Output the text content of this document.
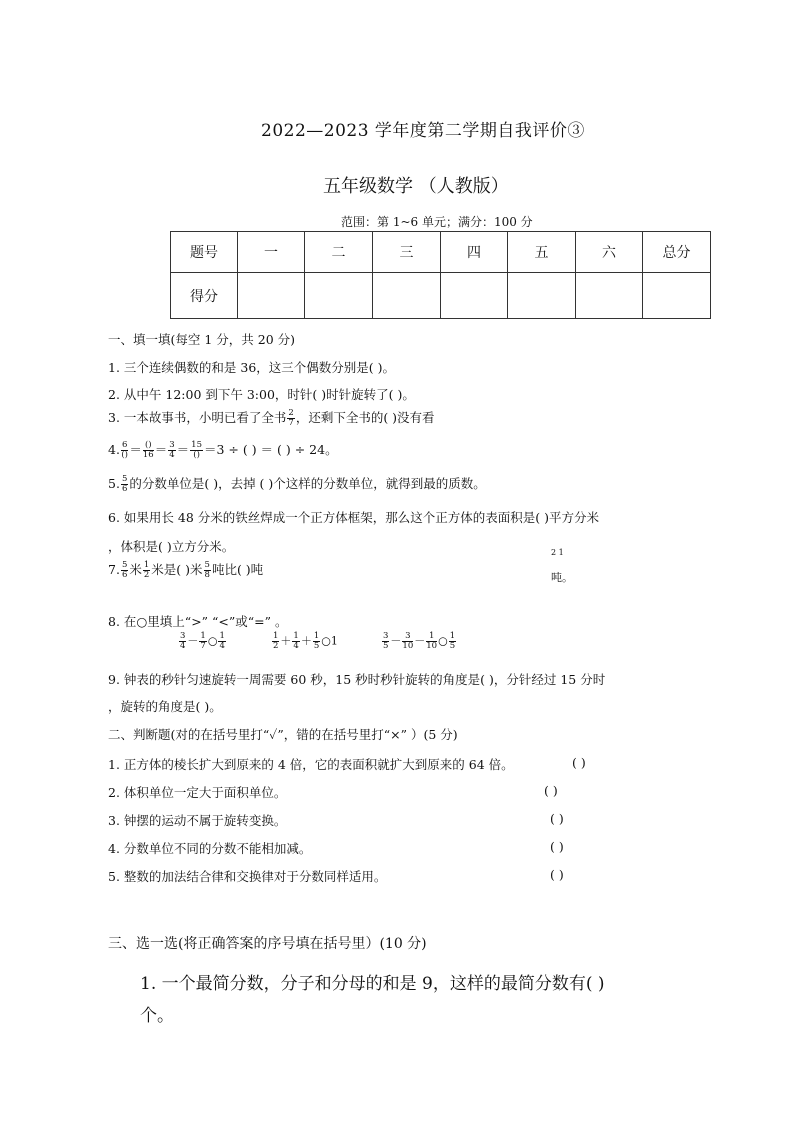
2022—2023 学年度第二学期自我评价③
五年级数学 （人教版）
范围：第 1~6 单元；满分：100 分
题号	一	二	三	四	五	六	总分
得分							
一、填一填(每空 1 分，共 20 分)
1. 三个连续偶数的和是 36，这三个偶数分别是( )。
2. 从中午 12:00 到下午 3:00，时针( )时针旋转了( )。
3. 一本故事书，小明已看了全书 $\frac{2}{7}$ ，还剩下全书的( )没有看
4. 6
() ＝ ()
$16 = \frac{3}{4} = 15$
() ＝3 ÷ ( ) ＝ ( ) ÷ 24。
5. $\frac{5}{6}$ 的分数单位是( )，去掉 ( )个这样的分数单位，就得到最的质数。
6. 如果用长 48 分米的铁丝焊成一个正方体框架，那么这个正方体的表面积是( )平方分米
，体积是( )立方分米。
7. $\frac{5}{6}$ 米 $\frac{1}{2}$ 米是( )米 $\frac{5}{8}$ 吨比( )吨
2 1
吨。
8. 在○里填上“>” “<”或“=” 。
$\frac{3}{4} - \frac{1}{7}$ ○ $\frac{1}{4}$	$\frac{1}{2} + \frac{1}{4} + \frac{1}{5}$ ○1	$\frac{3}{5} - \frac{3}{10} - \frac{1}{10}$ ○ $\frac{1}{5}$
9. 钟表的秒针匀速旋转一周需要 60 秒，15 秒时秒针旋转的角度是( )，分针经过 15 分时
，旋转的角度是( )。
二、判断题(对的在括号里打“✓”，错的在括号里打“×” ）(5 分)
1. 正方体的棱长扩大到原来的 4 倍，它的表面积就扩大到原来的 64 倍。	( )
2. 体积单位一定大于面积单位。	( )
3. 钟摆的运动不属于旋转变换。	( )
4. 分数单位不同的分数不能相加减。	( )
5. 整数的加法结合律和交换律对于分数同样适用。	( )
三、选一选(将正确答案的序号填在括号里）(10 分)
1. 一个最简分数，分子和分母的和是 9，这样的最简分数有( )
个。
